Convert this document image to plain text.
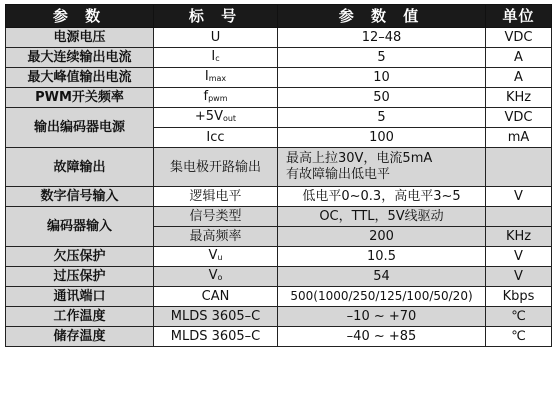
参 数	标 号	参 数 值	单位
电源电压	U	12–48	VDC
最大连续输出电流	$I_c$	5	A
最大峰值输出电流	$I_{max}$	10	A
PWM开关频率	$f_{pwm}$	50	KHz
输出编码器电源	$+5V_{out}$	5	VDC
	Icc	100	mA
故障输出	集电极开路输出	最高上拉30V，电流5mA
有故障输出低电平	

数字信号输入	逻辑电平	低电平0~0.3，高电平3~5	V
编码器输入	信号类型	OC，TTL，5V线驱动	
	最高频率	200	KHz
欠压保护	$V_u$	10.5	V
过压保护	$V_o$	54	V
通讯端口	CAN	500(1000/250/125/100/50/20)	Kbps
工作温度	MLDS 3605–C	–10 ~ +70	℃
储存温度	MLDS 3605–C	–40 ~ +85	℃
